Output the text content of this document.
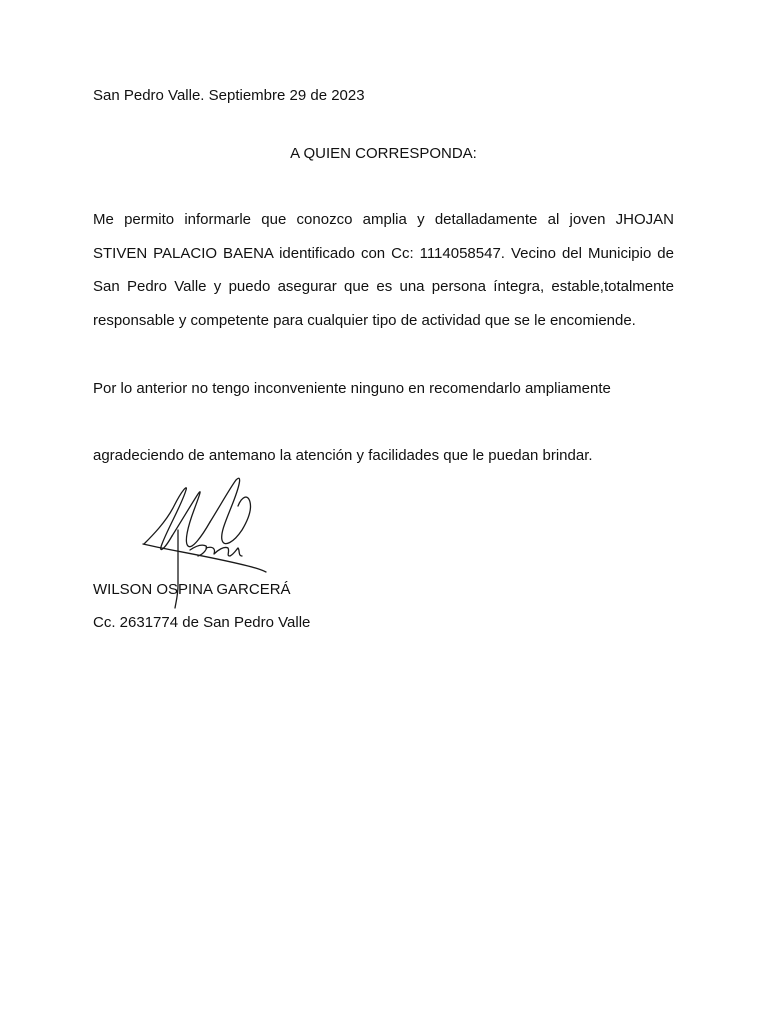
San Pedro Valle. Septiembre 29 de 2023
A QUIEN CORRESPONDA:
Me permito informarle que conozco amplia y detalladamente al joven JHOJAN
STIVEN PALACIO BAENA identificado con Cc: 1114058547. Vecino del Municipio de
San Pedro Valle y puedo asegurar que es una persona íntegra, estable,totalmente
responsable y competente para cualquier tipo de actividad que se le encomiende.
Por lo anterior no tengo inconveniente ninguno en recomendarlo ampliamente
agradeciendo de antemano la atención y facilidades que le puedan brindar.
WILSON OSPINA GARCERÁ
Cc. 2631774 de San Pedro Valle
